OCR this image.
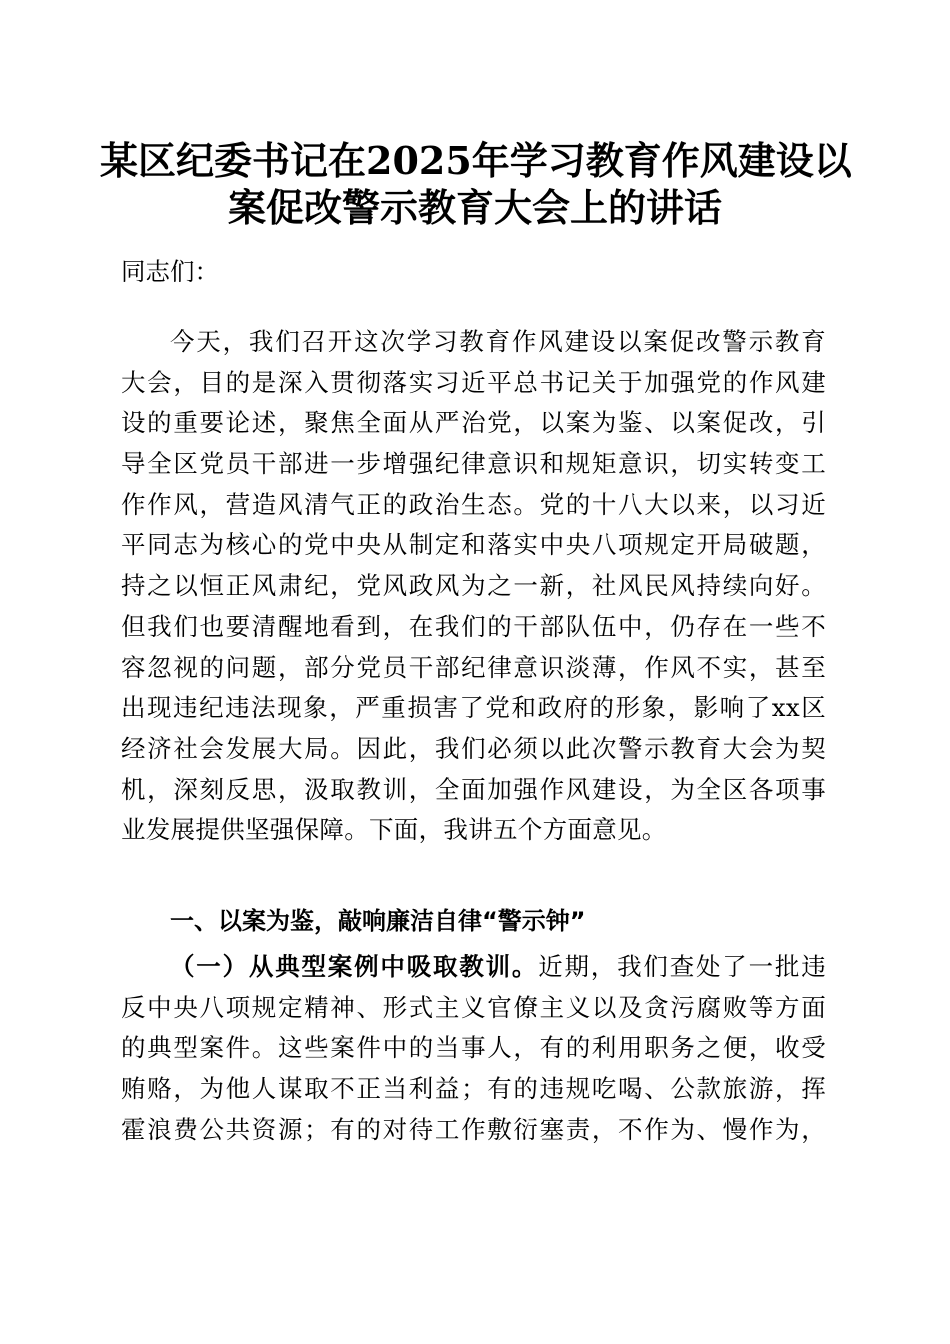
某区纪委书记在2025年学习教育作风建设以
案促改警示教育大会上的讲话
同志们：
今天，我们召开这次学习教育作风建设以案促改警示教育
大会，目的是深入贯彻落实习近平总书记关于加强党的作风建
设的重要论述，聚焦全面从严治党，以案为鉴、以案促改，引
导全区党员干部进一步增强纪律意识和规矩意识，切实转变工
作作风，营造风清气正的政治生态。党的十八大以来，以习近
平同志为核心的党中央从制定和落实中央八项规定开局破题，
持之以恒正风肃纪，党风政风为之一新，社风民风持续向好。
但我们也要清醒地看到，在我们的干部队伍中，仍存在一些不
容忽视的问题，部分党员干部纪律意识淡薄，作风不实，甚至
出现违纪违法现象，严重损害了党和政府的形象，影响了xx区
经济社会发展大局。因此，我们必须以此次警示教育大会为契
机，深刻反思，汲取教训，全面加强作风建设，为全区各项事
业发展提供坚强保障。下面，我讲五个方面意见。
一、以案为鉴，敲响廉洁自律“警示钟”
（一）从典型案例中吸取教训。近期，我们查处了一批违
反中央八项规定精神、形式主义官僚主义以及贪污腐败等方面
的典型案件。这些案件中的当事人，有的利用职务之便，收受
贿赂，为他人谋取不正当利益；有的违规吃喝、公款旅游，挥
霍浪费公共资源；有的对待工作敷衍塞责，不作为、慢作为，
